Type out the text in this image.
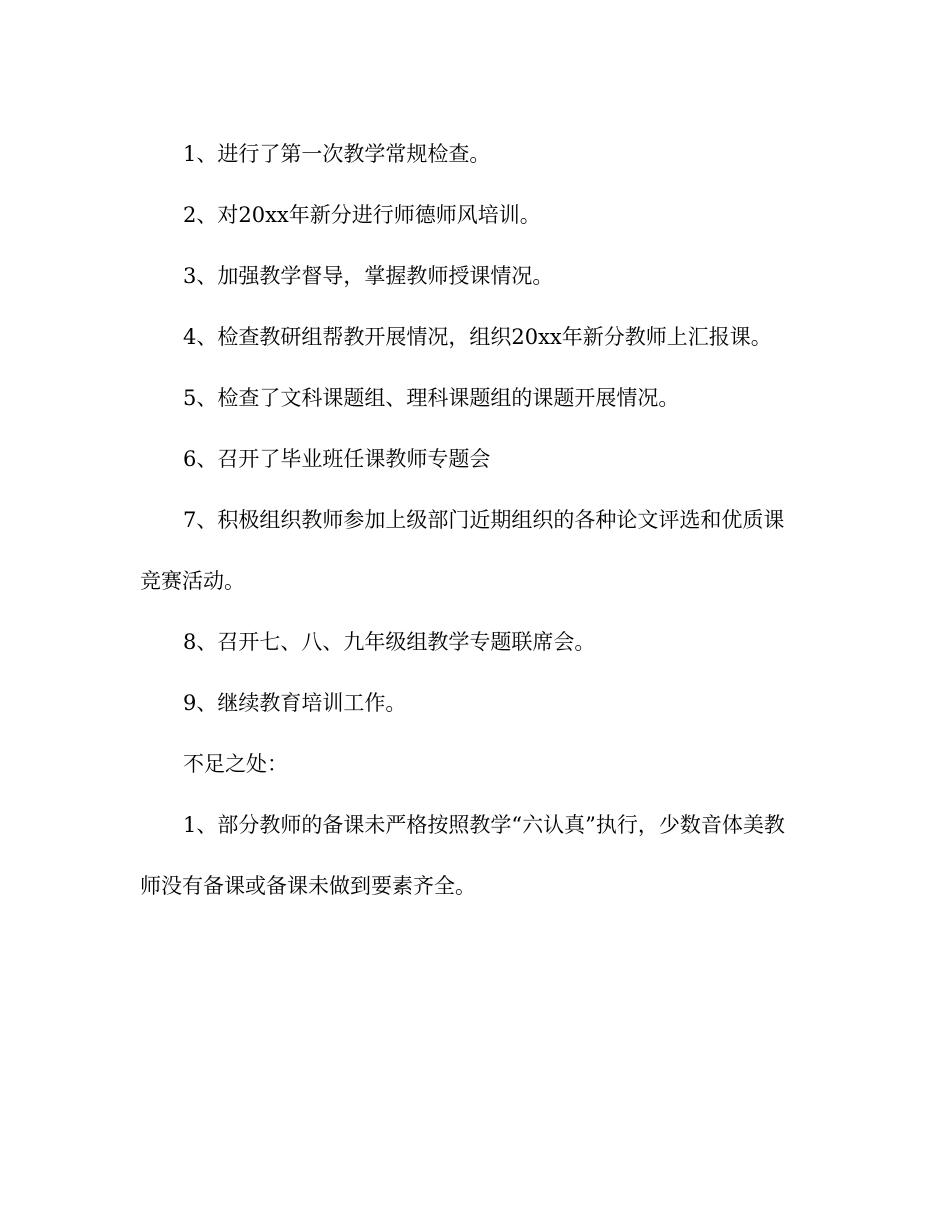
1、进行了第一次教学常规检查。

2、对20xx年新分进行师德师风培训。

3、加强教学督导，掌握教师授课情况。

4、检查教研组帮教开展情况，组织20xx年新分教师上汇报课。

5、检查了文科课题组、理科课题组的课题开展情况。

6、召开了毕业班任课教师专题会

7、积极组织教师参加上级部门近期组织的各种论文评选和优质课竞赛活动。

8、召开七、八、九年级组教学专题联席会。

9、继续教育培训工作。

不足之处：

1、部分教师的备课未严格按照教学“六认真”执行，少数音体美教师没有备课或备课未做到要素齐全。
